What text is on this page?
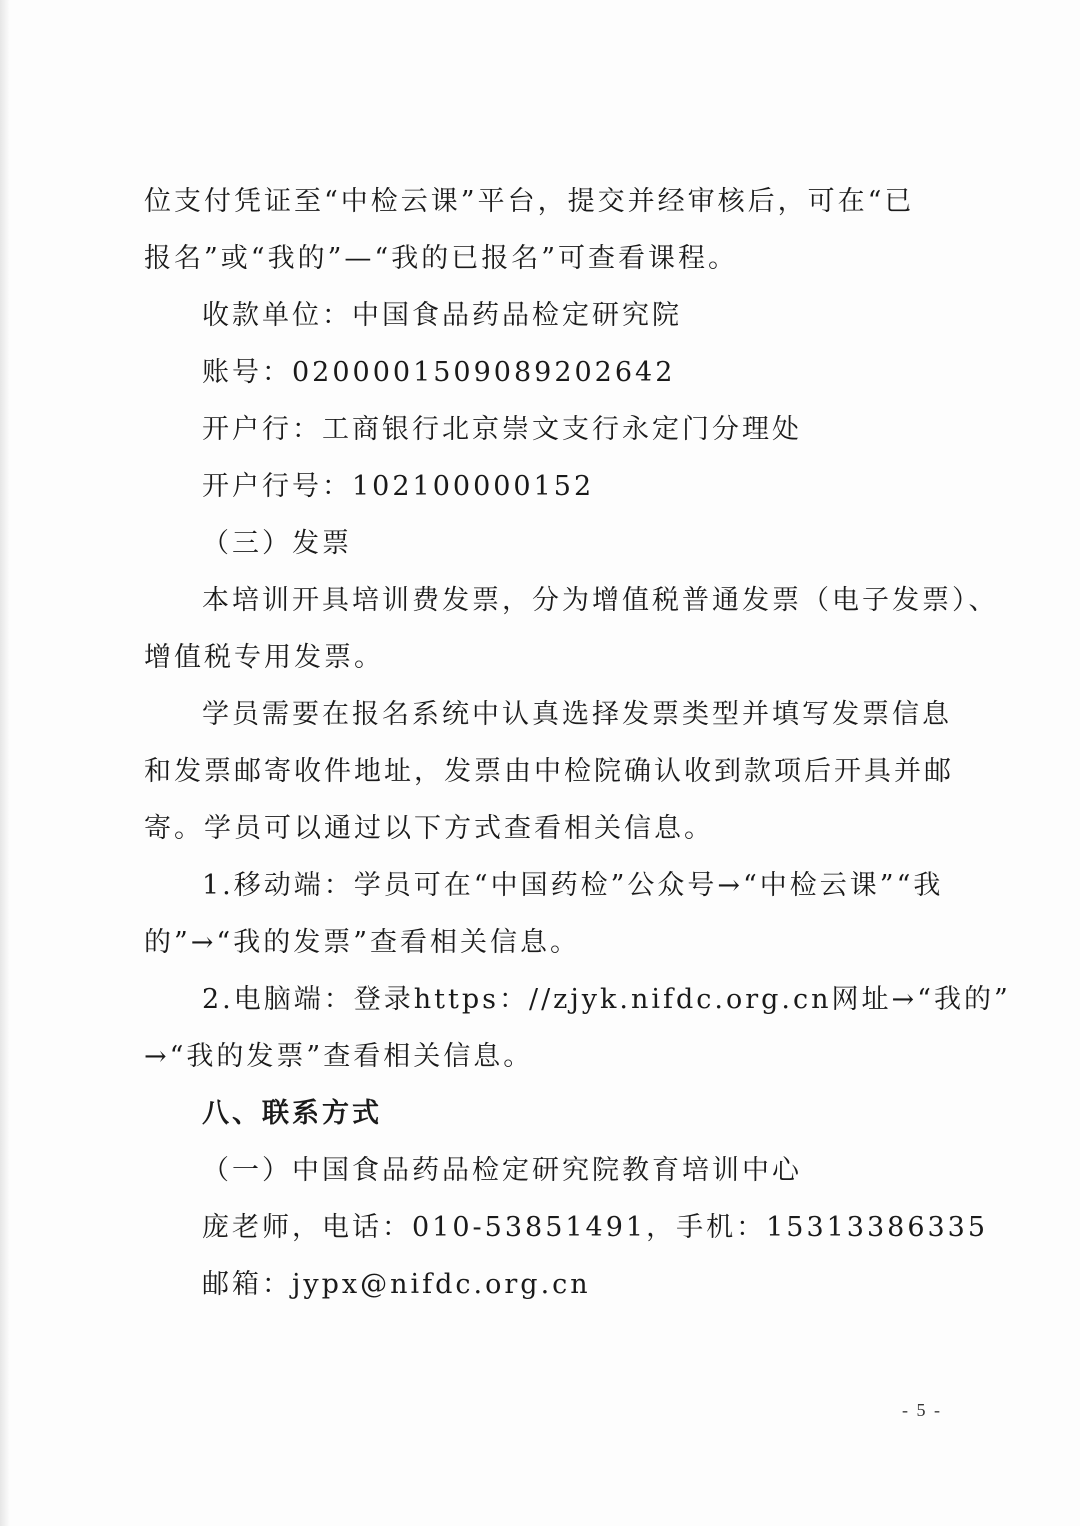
位支付凭证至“中检云课”平台，提交并经审核后，可在“已
报名”或“我的”—“我的已报名”可查看课程。
收款单位：中国食品药品检定研究院
账号：0200001509089202642
开户行：工商银行北京崇文支行永定门分理处
开户行号：102100000152
（三）发票
本培训开具培训费发票，分为增值税普通发票（电子发票）、
增值税专用发票。
学员需要在报名系统中认真选择发票类型并填写发票信息
和发票邮寄收件地址，发票由中检院确认收到款项后开具并邮
寄。学员可以通过以下方式查看相关信息。
1.移动端：学员可在“中国药检”公众号→“中检云课”“我
的”→“我的发票”查看相关信息。
2.电脑端：登录https：//zjyk.nifdc.org.cn网址→“我的”
→“我的发票”查看相关信息。
八、联系方式
（一）中国食品药品检定研究院教育培训中心
庞老师，电话：010-53851491，手机：15313386335
邮箱：jypx@nifdc.org.cn
- 5 -
